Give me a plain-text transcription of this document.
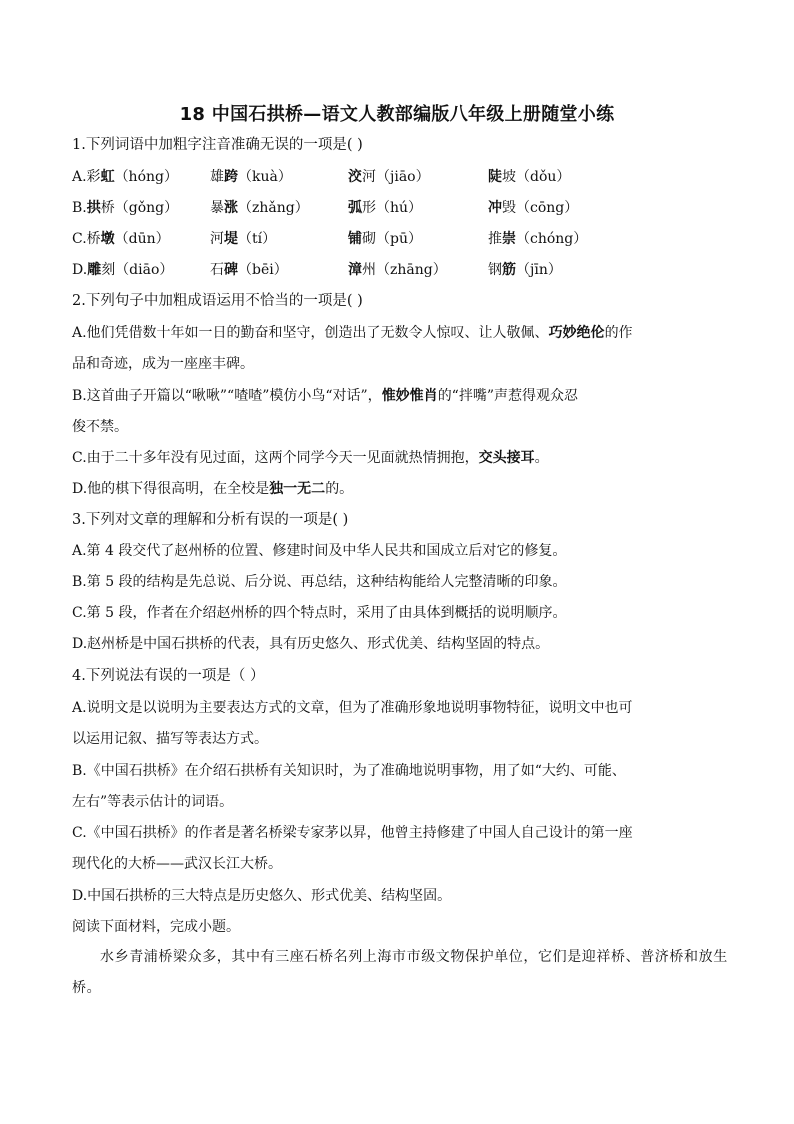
18 中国石拱桥—语文人教部编版八年级上册随堂小练
1.下列词语中加粗字注音准确无误的一项是( )
A.彩虹（hóng） 雄跨（kuà）	洨河（jiāo）	陡坡（dǒu）
B.拱桥（gǒng） 暴涨（zhǎng）	弧形（hú）	冲毁（cōng）
C.桥墩（dūn）	河堤（tí）	铺砌（pū）	推崇（chóng）
D.雕刻（diāo）	石碑（bēi）	漳州（zhāng）	钢筋（jīn）
2.下列句子中加粗成语运用不恰当的一项是( )
A.他们凭借数十年如一日的勤奋和坚守，创造出了无数令人惊叹、让人敬佩、巧妙绝伦的作
品和奇迹，成为一座座丰碑。
B.这首曲子开篇以“啾啾”“喳喳”模仿小鸟“对话”，惟妙惟肖的“拌嘴”声惹得观众忍
俊不禁。
C.由于二十多年没有见过面，这两个同学今天一见面就热情拥抱，交头接耳。
D.他的棋下得很高明，在全校是独一无二的。
3.下列对文章的理解和分析有误的一项是( )
A.第 4 段交代了赵州桥的位置、修建时间及中华人民共和国成立后对它的修复。
B.第 5 段的结构是先总说、后分说、再总结，这种结构能给人完整清晰的印象。
C.第 5 段，作者在介绍赵州桥的四个特点时，采用了由具体到概括的说明顺序。
D.赵州桥是中国石拱桥的代表，具有历史悠久、形式优美、结构坚固的特点。
4.下列说法有误的一项是（ ）
A.说明文是以说明为主要表达方式的文章，但为了准确形象地说明事物特征，说明文中也可
以运用记叙、描写等表达方式。
B.《中国石拱桥》在介绍石拱桥有关知识时，为了准确地说明事物，用了如“大约、可能、
左右”等表示估计的词语。
C.《中国石拱桥》的作者是著名桥梁专家茅以昇，他曾主持修建了中国人自己设计的第一座
现代化的大桥——武汉长江大桥。
D.中国石拱桥的三大特点是历史悠久、形式优美、结构坚固。
阅读下面材料，完成小题。
水乡青浦桥梁众多，其中有三座石桥名列上海市市级文物保护单位，它们是迎祥桥、普济桥和放生桥。
